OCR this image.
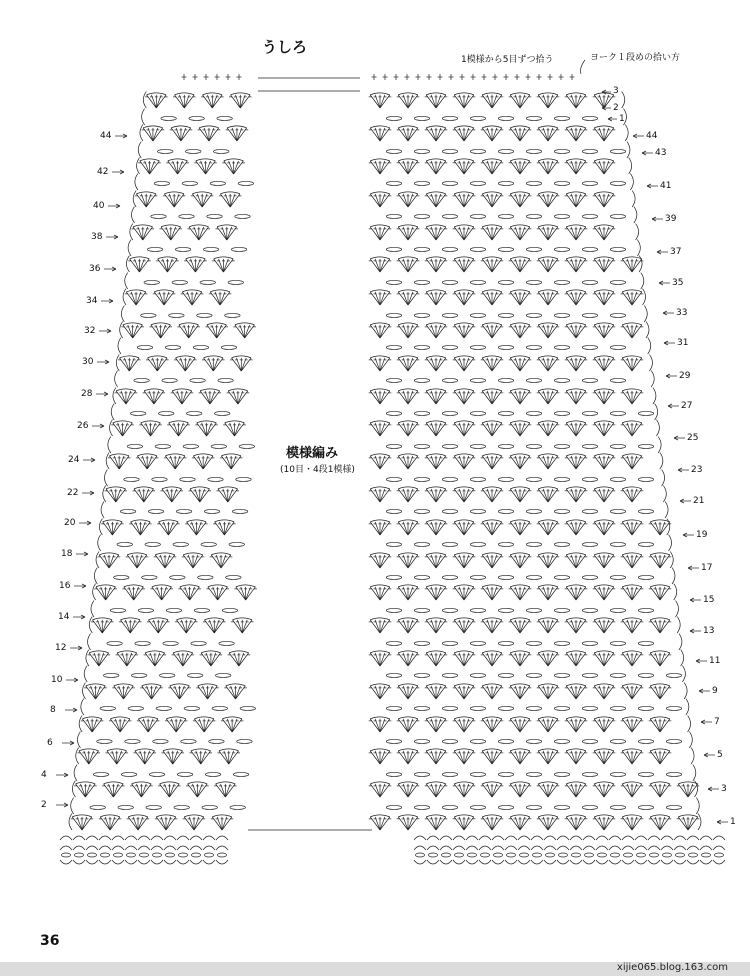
うしろ
1模様から5目ずつ拾う	ヨーク１段めの拾い方
模様編み
(10目・4段1模様)
3
2
1
44
42
40
38
36
34
32
30
28
26
24
22
20
18
16
14
12
10
8
6
4
2
44
43
41
39
37
35
33
31
29
27
25
23
21
19
17
15
13
11
9
7
5
3
1
36
xijie065.blog.163.com
